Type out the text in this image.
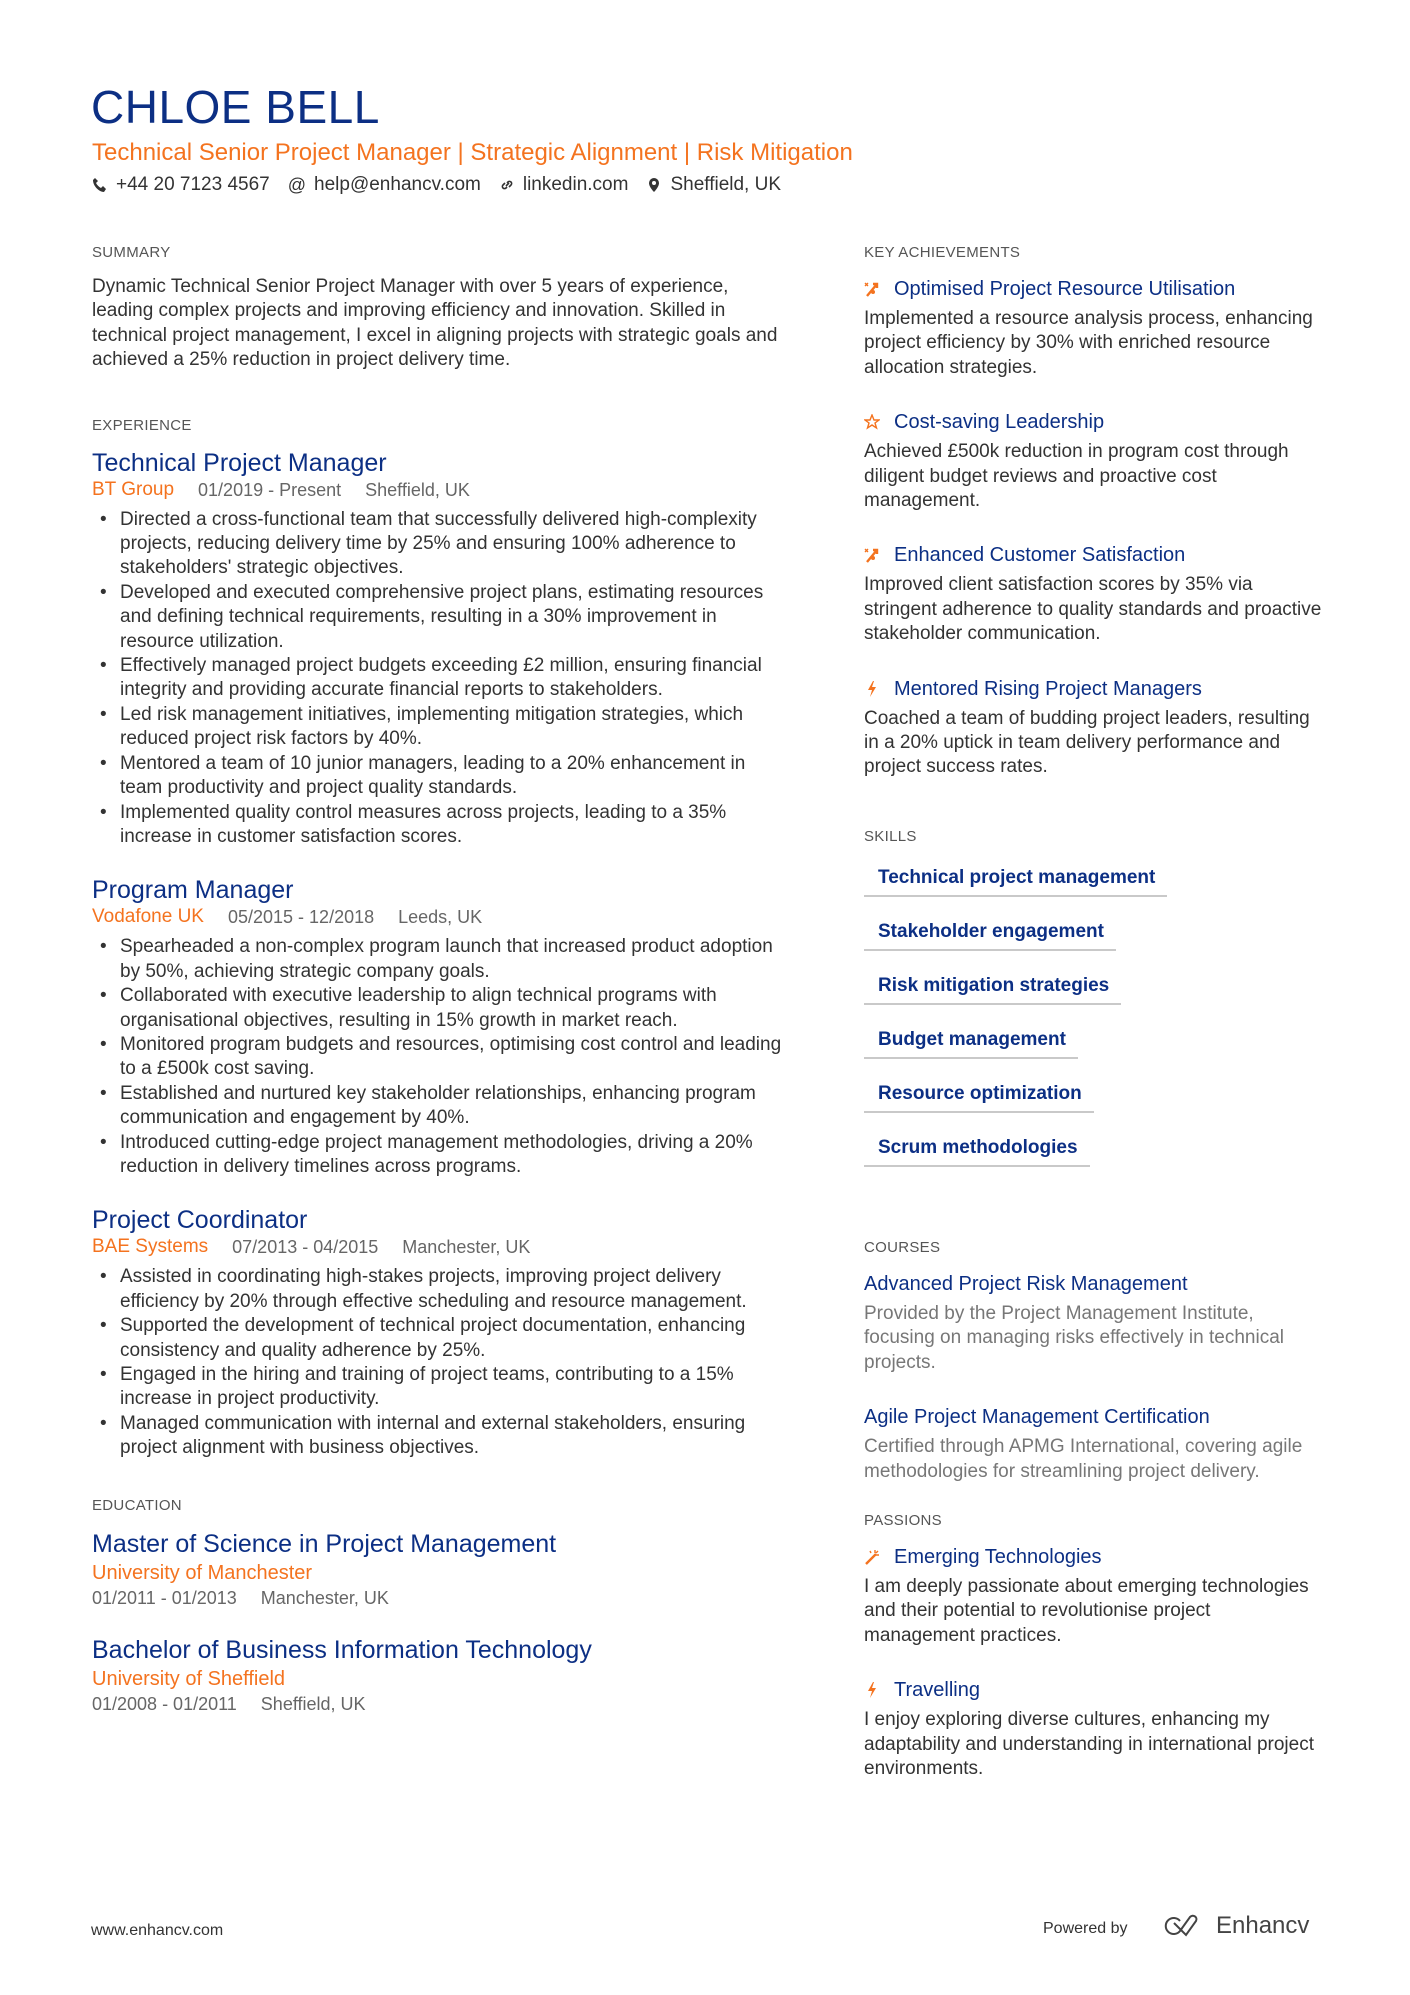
CHLOE BELL
Technical Senior Project Manager | Strategic Alignment | Risk Mitigation
+44 20 7123 4567 @ help@enhancv.com linkedin.com Sheffield, UK
SUMMARY
Dynamic Technical Senior Project Manager with over 5 years of experience, leading complex projects and improving efficiency and innovation. Skilled in technical project management, I excel in aligning projects with strategic goals and achieved a 25% reduction in project delivery time.
EXPERIENCE
Technical Project Manager
BT Group 01/2019 - Present Sheffield, UK
• Directed a cross-functional team that successfully delivered high-complexity projects, reducing delivery time by 25% and ensuring 100% adherence to stakeholders' strategic objectives.
• Developed and executed comprehensive project plans, estimating resources and defining technical requirements, resulting in a 30% improvement in resource utilization.
• Effectively managed project budgets exceeding £2 million, ensuring financial integrity and providing accurate financial reports to stakeholders.
• Led risk management initiatives, implementing mitigation strategies, which reduced project risk factors by 40%.
• Mentored a team of 10 junior managers, leading to a 20% enhancement in team productivity and project quality standards.
• Implemented quality control measures across projects, leading to a 35% increase in customer satisfaction scores.
Program Manager
Vodafone UK 05/2015 - 12/2018 Leeds, UK
• Spearheaded a non-complex program launch that increased product adoption by 50%, achieving strategic company goals.
• Collaborated with executive leadership to align technical programs with organisational objectives, resulting in 15% growth in market reach.
• Monitored program budgets and resources, optimising cost control and leading to a £500k cost saving.
• Established and nurtured key stakeholder relationships, enhancing program communication and engagement by 40%.
• Introduced cutting-edge project management methodologies, driving a 20% reduction in delivery timelines across programs.
Project Coordinator
BAE Systems 07/2013 - 04/2015 Manchester, UK
• Assisted in coordinating high-stakes projects, improving project delivery efficiency by 20% through effective scheduling and resource management.
• Supported the development of technical project documentation, enhancing consistency and quality adherence by 25%.
• Engaged in the hiring and training of project teams, contributing to a 15% increase in project productivity.
• Managed communication with internal and external stakeholders, ensuring project alignment with business objectives.
EDUCATION
Master of Science in Project Management
University of Manchester
01/2011 - 01/2013 Manchester, UK
Bachelor of Business Information Technology
University of Sheffield
01/2008 - 01/2011 Sheffield, UK
KEY ACHIEVEMENTS
Optimised Project Resource Utilisation
Implemented a resource analysis process, enhancing project efficiency by 30% with enriched resource allocation strategies.
Cost-saving Leadership
Achieved £500k reduction in program cost through diligent budget reviews and proactive cost management.
Enhanced Customer Satisfaction
Improved client satisfaction scores by 35% via stringent adherence to quality standards and proactive stakeholder communication.
Mentored Rising Project Managers
Coached a team of budding project leaders, resulting in a 20% uptick in team delivery performance and project success rates.
SKILLS
Technical project management
Stakeholder engagement
Risk mitigation strategies
Budget management
Resource optimization
Scrum methodologies
COURSES
Advanced Project Risk Management
Provided by the Project Management Institute, focusing on managing risks effectively in technical projects.
Agile Project Management Certification
Certified through APMG International, covering agile methodologies for streamlining project delivery.
PASSIONS
Emerging Technologies
I am deeply passionate about emerging technologies and their potential to revolutionise project management practices.
Travelling
I enjoy exploring diverse cultures, enhancing my adaptability and understanding in international project environments.
www.enhancv.com	Powered by	Enhancv
